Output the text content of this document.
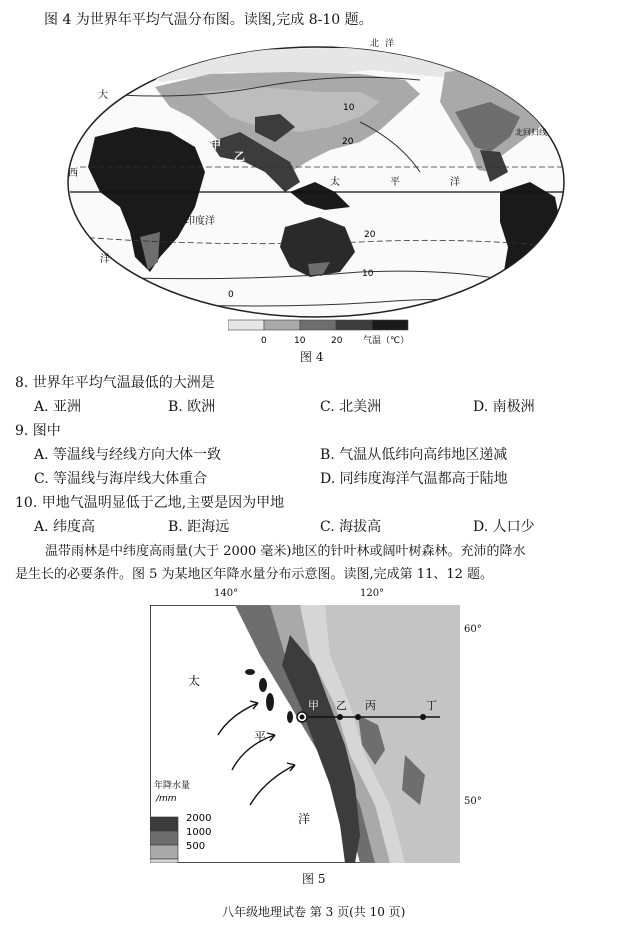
图 4 为世界年平均气温分布图。读图,完成 8-10 题。
大
西
洋
太	平	洋
印度洋
甲
乙
10
20
20
10
0
北 洋
北回归线
0	10	20 气温（℃）
图 4
8. 世界年平均气温最低的大洲是
A. 亚洲	B. 欧洲	C. 北美洲	D. 南极洲
9. 图中
A. 等温线与经线方向大体一致	B. 气温从低纬向高纬地区递减
C. 等温线与海岸线大体重合	D. 同纬度海洋气温都高于陆地
10. 甲地气温明显低于乙地,主要是因为甲地
A. 纬度高	B. 距海远	C. 海拔高	D. 人口少
温带雨林是中纬度高雨量(大于 2000 毫米)地区的针叶林或阔叶树森林。充沛的降水
是生长的必要条件。图 5 为某地区年降水量分布示意图。读图,完成第 11、12 题。
140°	120°
60°
50°
太
平
洋
甲 乙 丙	丁
年降水量
/mm
2000
1000
500
图 5
八年级地理试卷 第 3 页(共 10 页)
